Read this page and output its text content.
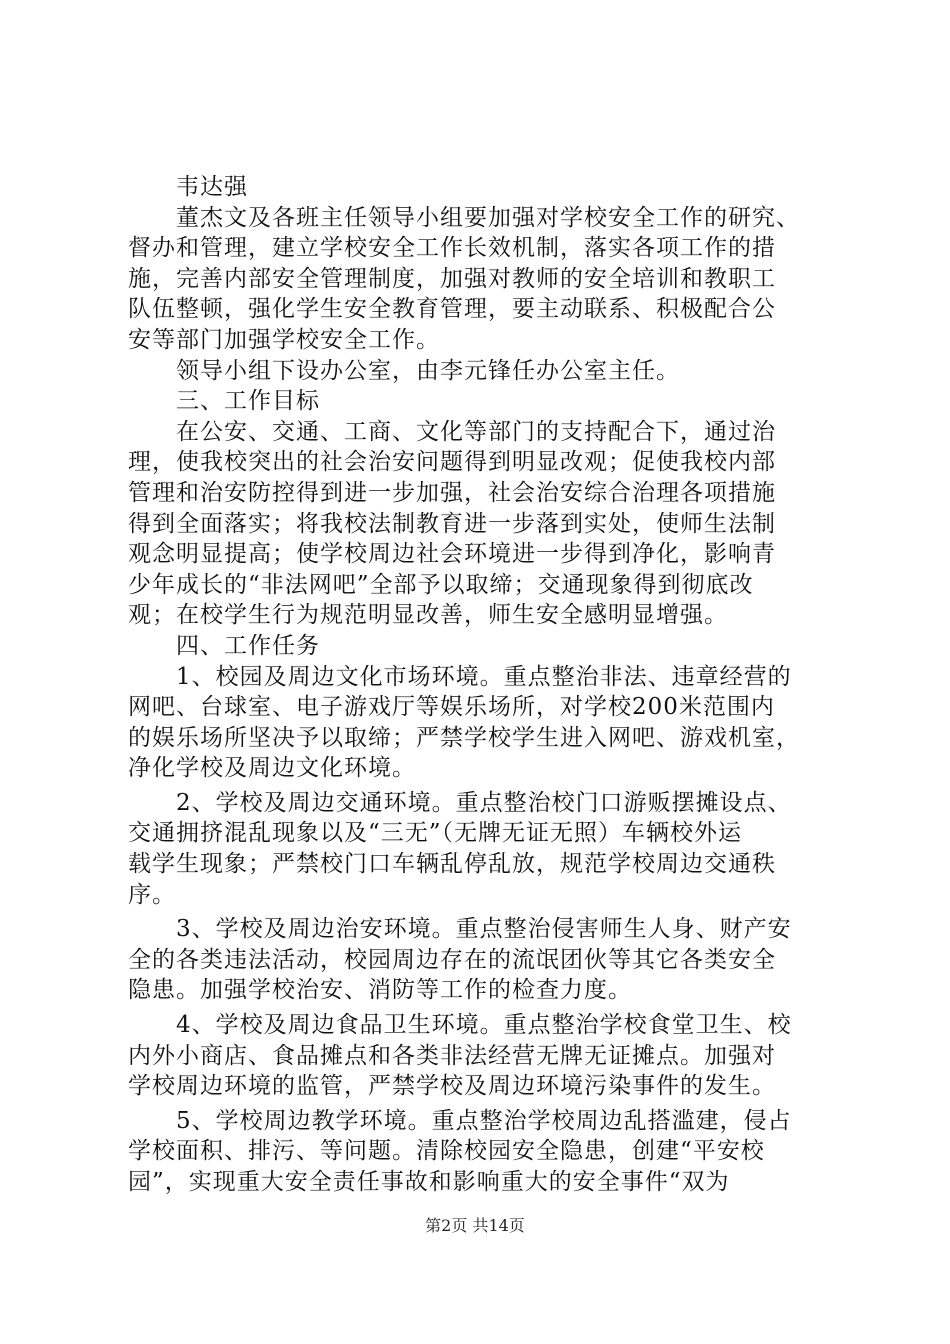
　　韦达强
　　董杰文及各班主任领导小组要加强对学校安全工作的研究、
督办和管理，建立学校安全工作长效机制，落实各项工作的措
施，完善内部安全管理制度，加强对教师的安全培训和教职工
队伍整顿，强化学生安全教育管理，要主动联系、积极配合公
安等部门加强学校安全工作。
　　领导小组下设办公室，由李元锋任办公室主任。
　　三、工作目标
　　在公安、交通、工商、文化等部门的支持配合下，通过治
理，使我校突出的社会治安问题得到明显改观；促使我校内部
管理和治安防控得到进一步加强，社会治安综合治理各项措施
得到全面落实；将我校法制教育进一步落到实处，使师生法制
观念明显提高；使学校周边社会环境进一步得到净化，影响青
少年成长的“非法网吧”全部予以取缔；交通现象得到彻底改
观；在校学生行为规范明显改善，师生安全感明显增强。
　　四、工作任务
　　1、校园及周边文化市场环境。重点整治非法、违章经营的
网吧、台球室、电子游戏厅等娱乐场所，对学校200米范围内
的娱乐场所坚决予以取缔；严禁学校学生进入网吧、游戏机室，
净化学校及周边文化环境。
　　2、学校及周边交通环境。重点整治校门口游贩摆摊设点、
交通拥挤混乱现象以及“三无”（无牌无证无照）车辆校外运
载学生现象；严禁校门口车辆乱停乱放，规范学校周边交通秩
序。
　　3、学校及周边治安环境。重点整治侵害师生人身、财产安
全的各类违法活动，校园周边存在的流氓团伙等其它各类安全
隐患。加强学校治安、消防等工作的检查力度。
　　4、学校及周边食品卫生环境。重点整治学校食堂卫生、校
内外小商店、食品摊点和各类非法经营无牌无证摊点。加强对
学校周边环境的监管，严禁学校及周边环境污染事件的发生。
　　5、学校周边教学环境。重点整治学校周边乱搭滥建，侵占
学校面积、排污、等问题。清除校园安全隐患，创建“平安校
园”，实现重大安全责任事故和影响重大的安全事件“双为
第2页 共14页
